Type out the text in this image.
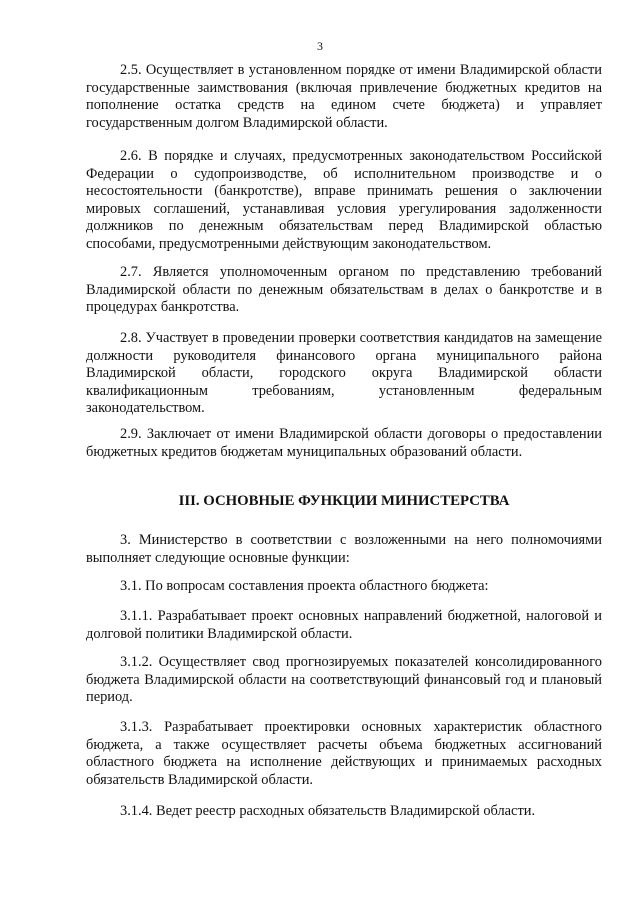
3

2.5. Осуществляет в установленном порядке от имени Владимирской области государственные заимствования (включая привлечение бюджетных кредитов на пополнение остатка средств на едином счете бюджета) и управляет государственным долгом Владимирской области.

2.6. В порядке и случаях, предусмотренных законодательством Российской Федерации о судопроизводстве, об исполнительном производстве и о несостоятельности (банкротстве), вправе принимать решения о заключении мировых соглашений, устанавливая условия урегулирования задолженности должников по денежным обязательствам перед Владимирской областью способами, предусмотренными действующим законодательством.

2.7. Является уполномоченным органом по представлению требований Владимирской области по денежным обязательствам в делах о банкротстве и в процедурах банкротства.

2.8. Участвует в проведении проверки соответствия кандидатов на замещение должности руководителя финансового органа муниципального района Владимирской области, городского округа Владимирской области квалификационным требованиям, установленным федеральным законодательством.

2.9. Заключает от имени Владимирской области договоры о предоставлении бюджетных кредитов бюджетам муниципальных образований области.

III. ОСНОВНЫЕ ФУНКЦИИ МИНИСТЕРСТВА

3. Министерство в соответствии с возложенными на него полномочиями выполняет следующие основные функции:

3.1. По вопросам составления проекта областного бюджета:

3.1.1. Разрабатывает проект основных направлений бюджетной, налоговой и долговой политики Владимирской области.

3.1.2. Осуществляет свод прогнозируемых показателей консолидированного бюджета Владимирской области на соответствующий финансовый год и плановый период.

3.1.3. Разрабатывает проектировки основных характеристик областного бюджета, а также осуществляет расчеты объема бюджетных ассигнований областного бюджета на исполнение действующих и принимаемых расходных обязательств Владимирской области.

3.1.4. Ведет реестр расходных обязательств Владимирской области.
